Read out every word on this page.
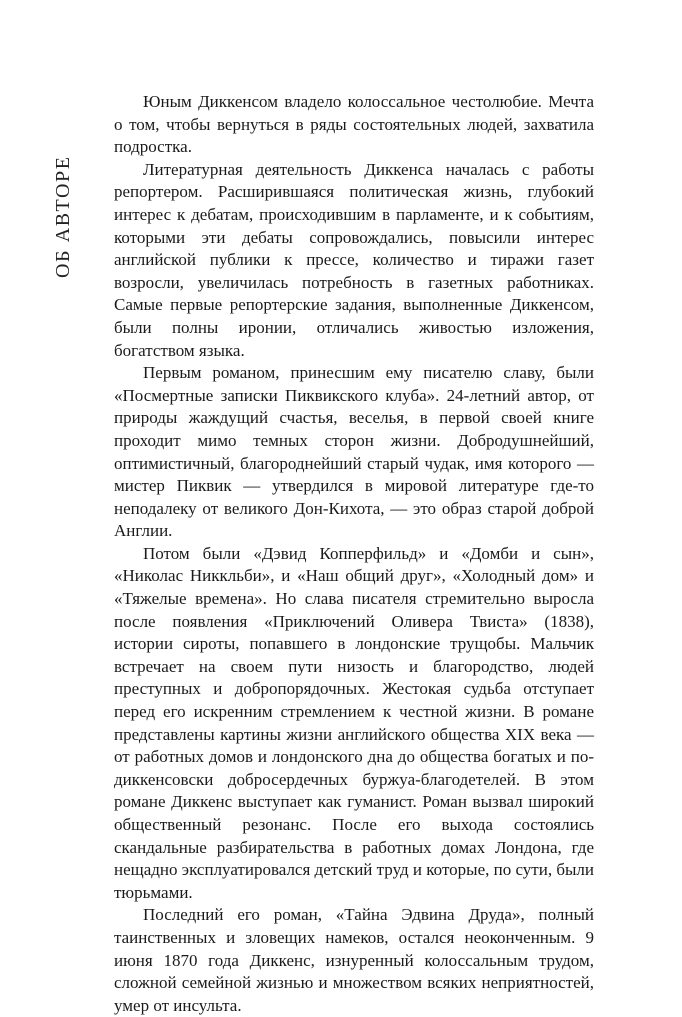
ОБ АВТОРЕ

Юным Диккенсом владело колоссальное честолюбие. Мечта о том, чтобы вернуться в ряды состоятельных людей, захватила подростка.

Литературная деятельность Диккенса началась с работы репортером. Расширившаяся политическая жизнь, глубокий интерес к дебатам, происходившим в парламенте, и к событиям, которыми эти дебаты сопровождались, повысили интерес английской публики к прессе, количество и тиражи газет возросли, увеличилась потребность в газетных работниках. Самые первые репортерские задания, выполненные Диккенсом, были полны иронии, отличались живостью изложения, богатством языка.

Первым романом, принесшим ему писателю славу, были «Посмертные записки Пиквикского клуба». 24-летний автор, от природы жаждущий счастья, веселья, в первой своей книге проходит мимо темных сторон жизни. Добродушнейший, оптимистичный, благороднейший старый чудак, имя которого — мистер Пиквик — утвердился в мировой литературе где-то неподалеку от великого Дон-Кихота, — это образ старой доброй Англии.

Потом были «Дэвид Копперфильд» и «Домби и сын», «Николас Никкльби», и «Наш общий друг», «Холодный дом» и «Тяжелые времена». Но слава писателя стремительно выросла после появления «Приключений Оливера Твиста» (1838), истории сироты, попавшего в лондонские трущобы. Мальчик встречает на своем пути низость и благородство, людей преступных и добропорядочных. Жестокая судьба отступает перед его искренним стремлением к честной жизни. В романе представлены картины жизни английского общества XIX века — от работных домов и лондонского дна до общества богатых и по-диккенсовски добросердечных буржуа-благодетелей. В этом романе Диккенс выступает как гуманист. Роман вызвал широкий общественный резонанс. После его выхода состоялись скандальные разбирательства в работных домах Лондона, где нещадно эксплуатировался детский труд и которые, по сути, были тюрьмами.

Последний его роман, «Тайна Эдвина Друда», полный таинственных и зловещих намеков, остался неоконченным. 9 июня 1870 года Диккенс, изнуренный колоссальным трудом, сложной семейной жизнью и множеством всяких неприятностей, умер от инсульта.
